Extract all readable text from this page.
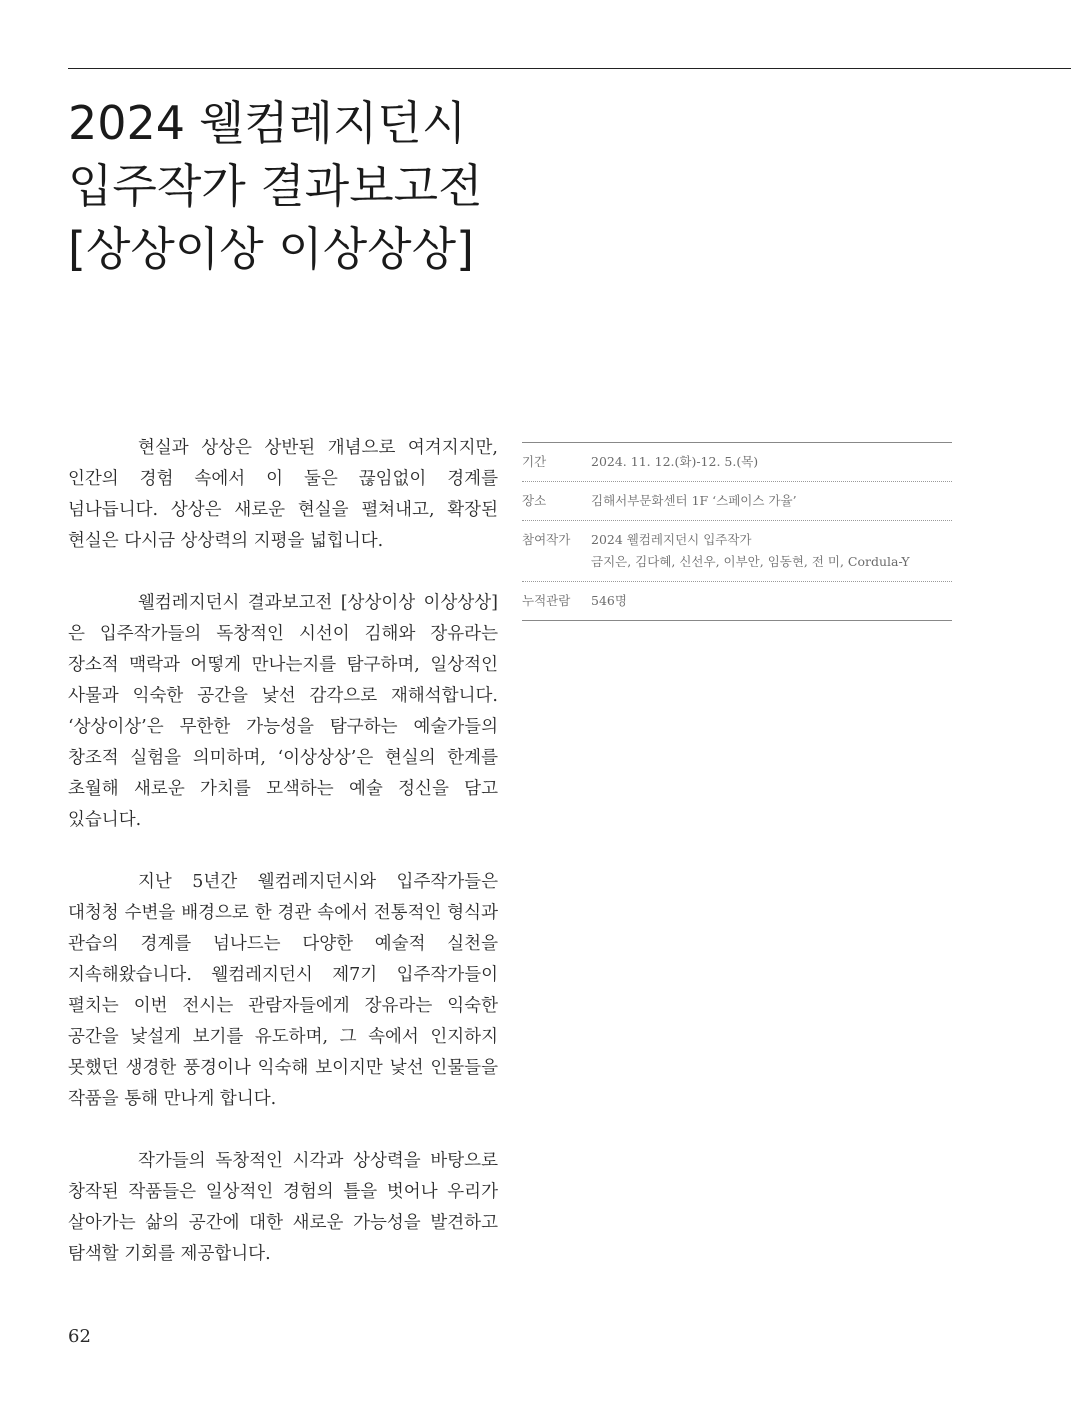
2024 웰컴레지던시
입주작가 결과보고전
[상상이상 이상상상]

현실과 상상은 상반된 개념으로 여겨지지만, 인간의 경험 속에서 이 둘은 끊임없이 경계를 넘나듭니다. 상상은 새로운 현실을 펼쳐내고, 확장된 현실은 다시금 상상력의 지평을 넓힙니다.

웰컴레지던시 결과보고전 [상상이상 이상상상]은 입주작가들의 독창적인 시선이 김해와 장유라는 장소적 맥락과 어떻게 만나는지를 탐구하며, 일상적인 사물과 익숙한 공간을 낯선 감각으로 재해석합니다. ‘상상이상’은 무한한 가능성을 탐구하는 예술가들의 창조적 실험을 의미하며, ‘이상상상’은 현실의 한계를 초월해 새로운 가치를 모색하는 예술 정신을 담고 있습니다.

지난 5년간 웰컴레지던시와 입주작가들은 대청청 수변을 배경으로 한 경관 속에서 전통적인 형식과 관습의 경계를 넘나드는 다양한 예술적 실천을 지속해왔습니다. 웰컴레지던시 제7기 입주작가들이 펼치는 이번 전시는 관람자들에게 장유라는 익숙한 공간을 낯설게 보기를 유도하며, 그 속에서 인지하지 못했던 생경한 풍경이나 익숙해 보이지만 낯선 인물들을 작품을 통해 만나게 합니다.

작가들의 독창적인 시각과 상상력을 바탕으로 창작된 작품들은 일상적인 경험의 틀을 벗어나 우리가 살아가는 삶의 공간에 대한 새로운 가능성을 발견하고 탐색할 기회를 제공합니다.

기간	2024. 11. 12.(화)-12. 5.(목)
장소	김해서부문화센터 1F ‘스페이스 가율’
참여작가	2024 웰컴레지던시 입주작가
금지은, 김다혜, 신선우, 이부안, 임동현, 전 미, Cordula-Y
누적관람	546명
62
